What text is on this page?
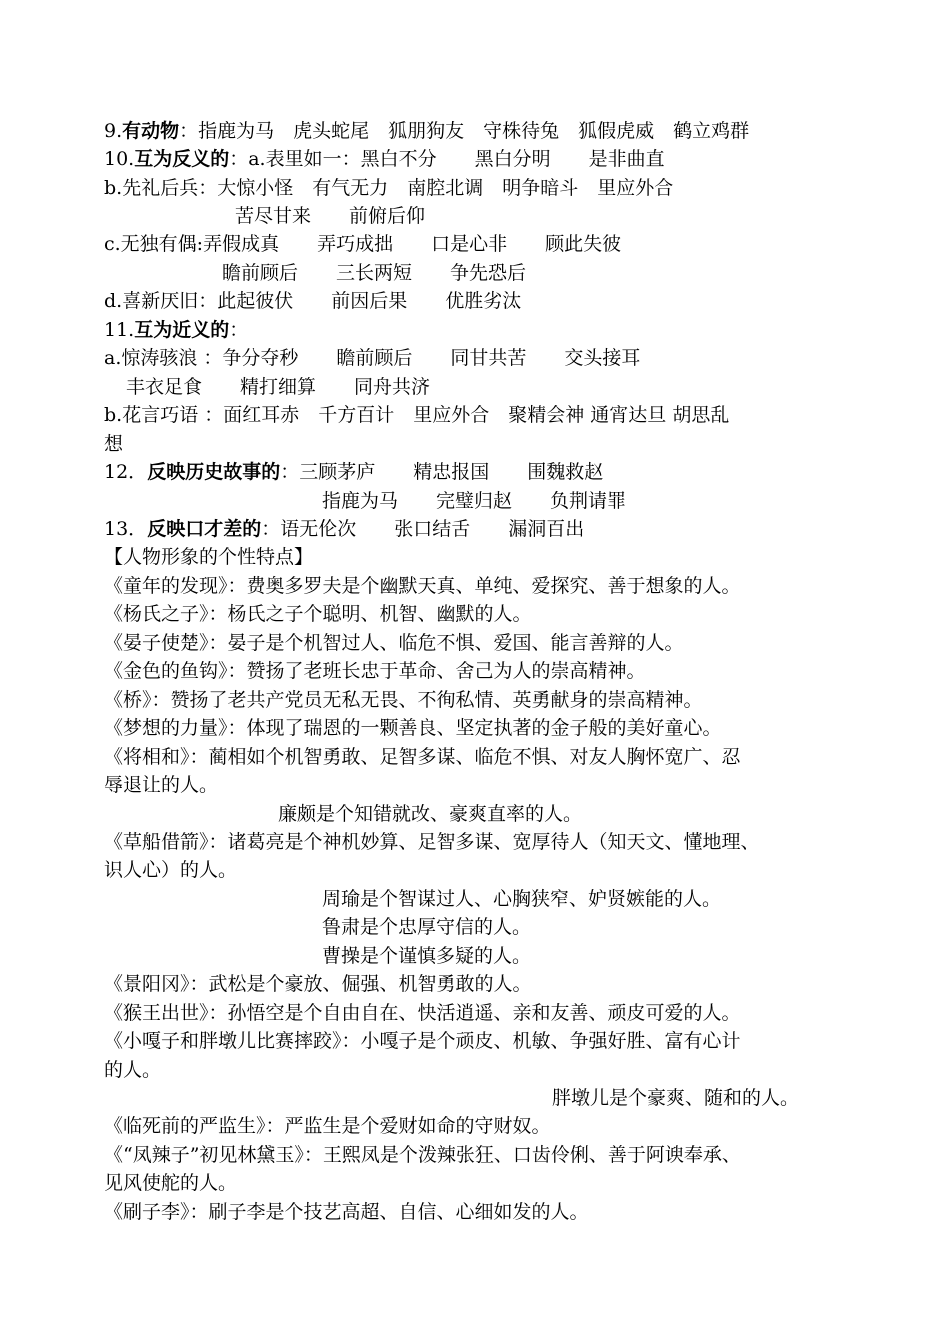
9.有动物：指鹿为马　虎头蛇尾　狐朋狗友　守株待兔　狐假虎威　鹤立鸡群

10.互为反义的：a.表里如一：黑白不分　　黑白分明　　是非曲直

b.先礼后兵：大惊小怪　有气无力　南腔北调　明争暗斗　里应外合

苦尽甘来　　前俯后仰

c.无独有偶:弄假成真　　弄巧成拙　　口是心非　　顾此失彼

瞻前顾后　　三长两短　　争先恐后

d.喜新厌旧：此起彼伏　　前因后果　　优胜劣汰

11.互为近义的：

a.惊涛骇浪 ：争分夺秒　　瞻前顾后　　同甘共苦　　交头接耳

丰衣足食　　精打细算　　同舟共济

b.花言巧语 ：面红耳赤　千方百计　里应外合　聚精会神 通宵达旦 胡思乱

想

12．反映历史故事的：三顾茅庐　　精忠报国　　围魏救赵

指鹿为马　　完璧归赵　　负荆请罪

13．反映口才差的：语无伦次　　张口结舌　　漏洞百出

【人物形象的个性特点】

《童年的发现》：费奥多罗夫是个幽默天真、单纯、爱探究、善于想象的人。

《杨氏之子》：杨氏之子个聪明、机智、幽默的人。

《晏子使楚》：晏子是个机智过人、临危不惧、爱国、能言善辩的人。

《金色的鱼钩》：赞扬了老班长忠于革命、舍己为人的崇高精神。

《桥》：赞扬了老共产党员无私无畏、不徇私情、英勇献身的崇高精神。

《梦想的力量》：体现了瑞恩的一颗善良、坚定执著的金子般的美好童心。

《将相和》：蔺相如个机智勇敢、足智多谋、临危不惧、对友人胸怀宽广、忍

辱退让的人。

廉颇是个知错就改、豪爽直率的人。

《草船借箭》：诸葛亮是个神机妙算、足智多谋、宽厚待人（知天文、懂地理、

识人心）的人。

周瑜是个智谋过人、心胸狭窄、妒贤嫉能的人。

鲁肃是个忠厚守信的人。

曹操是个谨慎多疑的人。

《景阳冈》：武松是个豪放、倔强、机智勇敢的人。

《猴王出世》：孙悟空是个自由自在、快活逍遥、亲和友善、顽皮可爱的人。

《小嘎子和胖墩儿比赛摔跤》：小嘎子是个顽皮、机敏、争强好胜、富有心计

的人。

胖墩儿是个豪爽、随和的人。

《临死前的严监生》：严监生是个爱财如命的守财奴。

《“凤辣子”初见林黛玉》：王熙凤是个泼辣张狂、口齿伶俐、善于阿谀奉承、

见风使舵的人。

《刷子李》：刷子李是个技艺高超、自信、心细如发的人。
